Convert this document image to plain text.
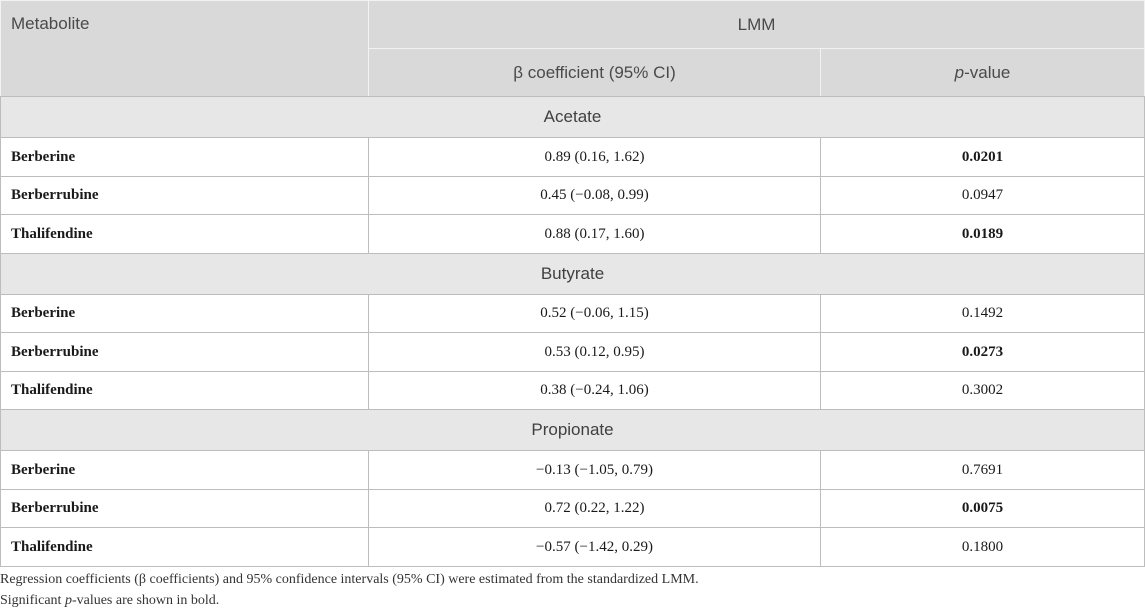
Metabolite	LMM	
	β coefficient (95% CI)	p-value
Acetate		
Berberine	0.89 (0.16, 1.62)	0.0201
Berberrubine	0.45 (−0.08, 0.99)	0.0947
Thalifendine	0.88 (0.17, 1.60)	0.0189
Butyrate		
Berberine	0.52 (−0.06, 1.15)	0.1492
Berberrubine	0.53 (0.12, 0.95)	0.0273
Thalifendine	0.38 (−0.24, 1.06)	0.3002
Propionate		
Berberine	−0.13 (−1.05, 0.79)	0.7691
Berberrubine	0.72 (0.22, 1.22)	0.0075
Thalifendine	−0.57 (−1.42, 0.29)	0.1800
Regression coefficients (β coefficients) and 95% confidence intervals (95% CI) were estimated from the standardized LMM.
Significant p-values are shown in bold.
